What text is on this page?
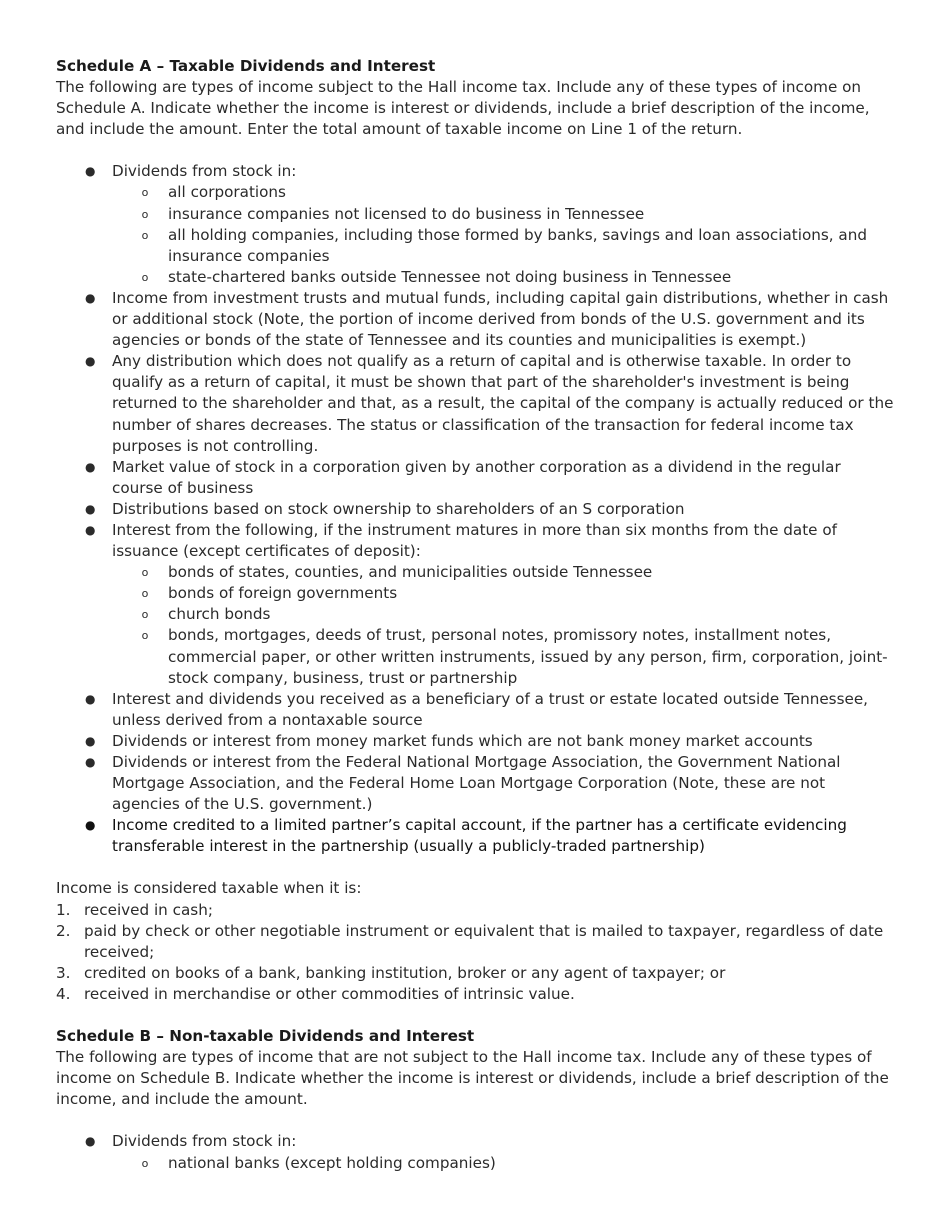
Schedule A – Taxable Dividends and Interest

The following are types of income subject to the Hall income tax. Include any of these types of income on Schedule A. Indicate whether the income is interest or dividends, include a brief description of the income, and include the amount. Enter the total amount of taxable income on Line 1 of the return.

● Dividends from stock in:
o all corporations
o insurance companies not licensed to do business in Tennessee
o all holding companies, including those formed by banks, savings and loan associations, and insurance companies
o state-chartered banks outside Tennessee not doing business in Tennessee
● Income from investment trusts and mutual funds, including capital gain distributions, whether in cash or additional stock (Note, the portion of income derived from bonds of the U.S. government and its agencies or bonds of the state of Tennessee and its counties and municipalities is exempt.)
● Any distribution which does not qualify as a return of capital and is otherwise taxable. In order to qualify as a return of capital, it must be shown that part of the shareholder's investment is being returned to the shareholder and that, as a result, the capital of the company is actually reduced or the number of shares decreases. The status or classification of the transaction for federal income tax purposes is not controlling.
● Market value of stock in a corporation given by another corporation as a dividend in the regular course of business
● Distributions based on stock ownership to shareholders of an S corporation
● Interest from the following, if the instrument matures in more than six months from the date of issuance (except certificates of deposit):
o bonds of states, counties, and municipalities outside Tennessee
o bonds of foreign governments
o church bonds
o bonds, mortgages, deeds of trust, personal notes, promissory notes, installment notes, commercial paper, or other written instruments, issued by any person, firm, corporation, joint-stock company, business, trust or partnership
● Interest and dividends you received as a beneficiary of a trust or estate located outside Tennessee, unless derived from a nontaxable source
● Dividends or interest from money market funds which are not bank money market accounts
● Dividends or interest from the Federal National Mortgage Association, the Government National Mortgage Association, and the Federal Home Loan Mortgage Corporation (Note, these are not agencies of the U.S. government.)
● Income credited to a limited partner’s capital account, if the partner has a certificate evidencing transferable interest in the partnership (usually a publicly-traded partnership)

Income is considered taxable when it is:

1. received in cash;
2. paid by check or other negotiable instrument or equivalent that is mailed to taxpayer, regardless of date received;
3. credited on books of a bank, banking institution, broker or any agent of taxpayer; or
4. received in merchandise or other commodities of intrinsic value.
Schedule B – Non-taxable Dividends and Interest

The following are types of income that are not subject to the Hall income tax. Include any of these types of income on Schedule B. Indicate whether the income is interest or dividends, include a brief description of the income, and include the amount.

● Dividends from stock in:
o national banks (except holding companies)
